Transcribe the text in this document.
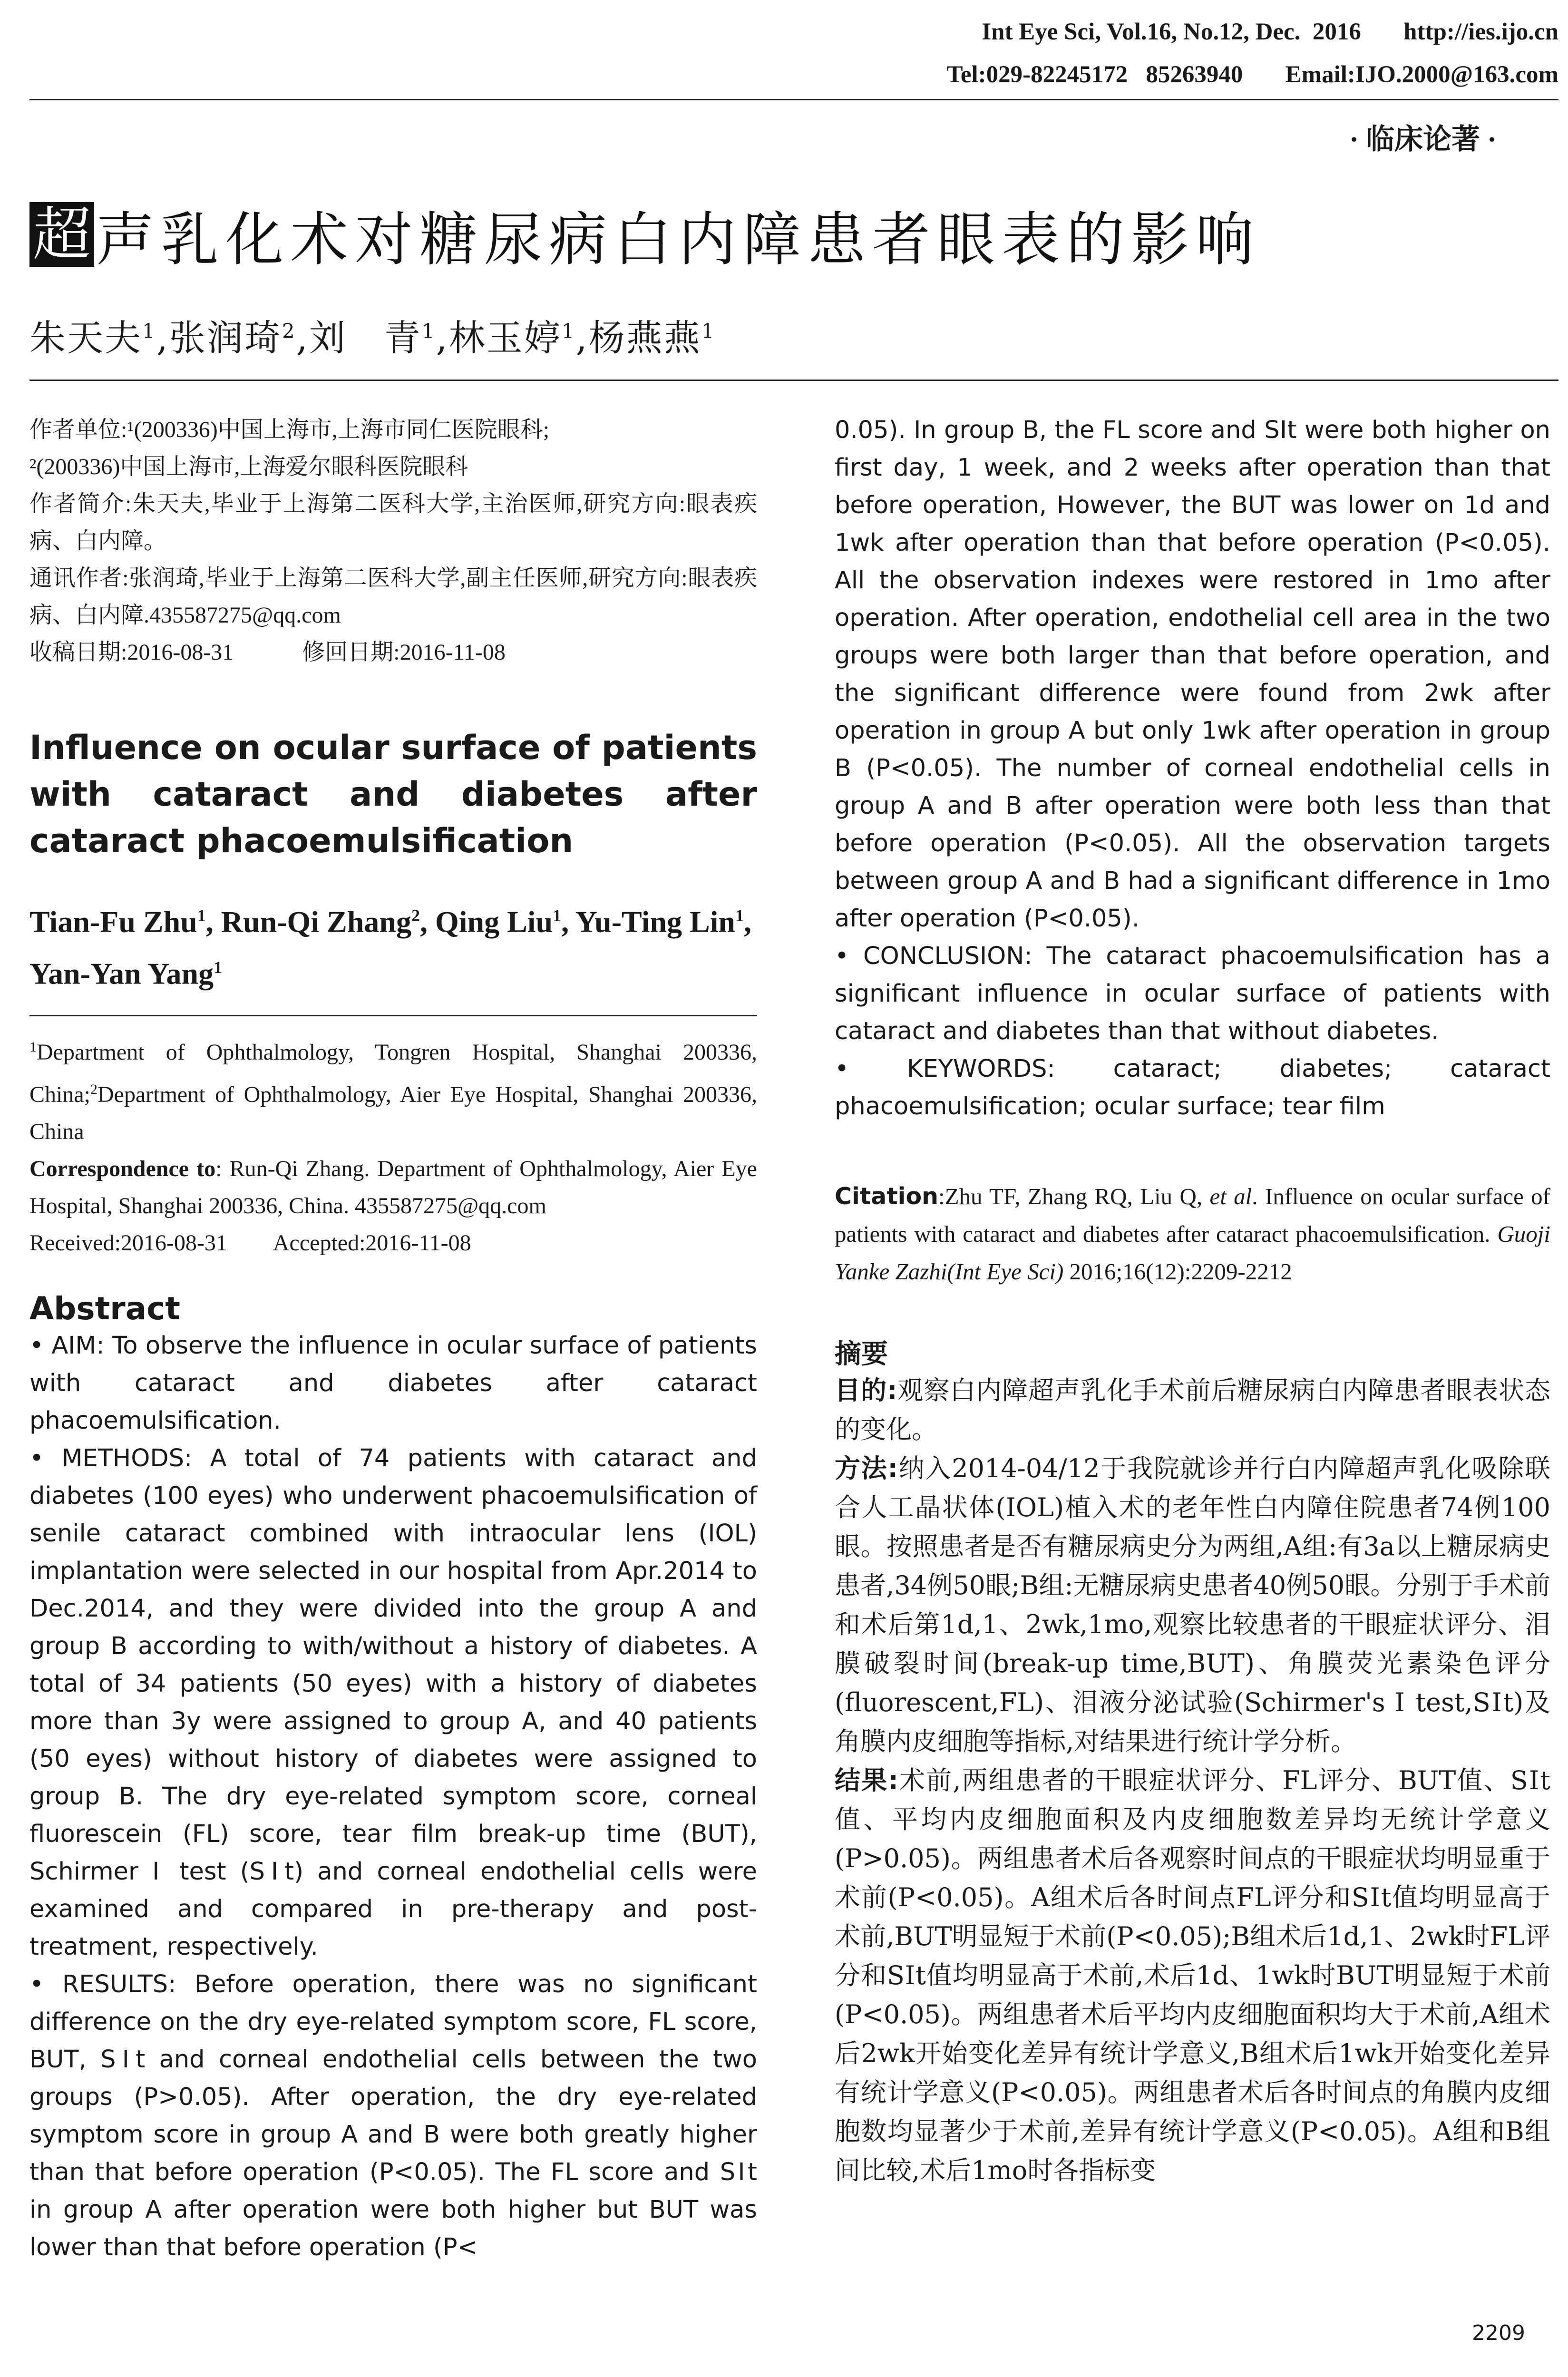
Int Eye Sci, Vol.16, No.12, Dec.  2016       http://ies.ijo.cn
Tel:029-82245172   85263940       Email:IJO.2000@163.com
· 临床论著 ·
超 声乳化术对糖尿病白内障患者眼表的影响
朱天夫$^1$,张润琦$^2$,刘　青$^1$,林玉婷$^1$,杨燕燕$^1$

作者单位:¹(200336)中国上海市,上海市同仁医院眼科;

²(200336)中国上海市,上海爱尔眼科医院眼科

作者简介:朱天夫,毕业于上海第二医科大学,主治医师,研究方向:眼表疾病、白内障。

通讯作者:张润琦,毕业于上海第二医科大学,副主任医师,研究方向:眼表疾病、白内障.435587275@qq.com

收稿日期:2016-08-31　　　修回日期:2016-11-08

Influence on ocular surface of patients with cataract and diabetes after cataract phacoemulsification

Tian-Fu Zhu$^1$, Run-Qi Zhang$^2$, Qing Liu$^1$, Yu-Ting Lin$^1$, Yan-Yan Yang$^1$

$^1$Department of Ophthalmology, Tongren Hospital, Shanghai 200336, China;$^2$Department of Ophthalmology, Aier Eye Hospital, Shanghai 200336, China

Correspondence to: Run-Qi Zhang. Department of Ophthalmology, Aier Eye Hospital, Shanghai 200336, China. 435587275@qq.com

Received:2016-08-31　　Accepted:2016-11-08

Abstract

• AIM: To observe the influence in ocular surface of patients with cataract and diabetes after cataract phacoemulsification.

• METHODS: A total of 74 patients with cataract and diabetes (100 eyes) who underwent phacoemulsification of senile cataract combined with intraocular lens (IOL) implantation were selected in our hospital from Apr.2014 to Dec.2014, and they were divided into the group A and group B according to with/without a history of diabetes. A total of 34 patients (50 eyes) with a history of diabetes more than 3y were assigned to group A, and 40 patients (50 eyes) without history of diabetes were assigned to group B. The dry eye-related symptom score, corneal fluorescein (FL) score, tear film break-up time (BUT), Schirmer Ⅰ test (SⅠt) and corneal endothelial cells were examined and compared in pre-therapy and post-treatment, respectively.

• RESULTS: Before operation, there was no significant difference on the dry eye-related symptom score, FL score, BUT, SⅠt and corneal endothelial cells between the two groups (P>0.05). After operation, the dry eye-related symptom score in group A and B were both greatly higher than that before operation (P<0.05). The FL score and SⅠt in group A after operation were both higher but BUT was lower than that before operation (P<

0.05). In group B, the FL score and SⅠt were both higher on first day, 1 week, and 2 weeks after operation than that before operation, However, the BUT was lower on 1d and 1wk after operation than that before operation (P<0.05). All the observation indexes were restored in 1mo after operation. After operation, endothelial cell area in the two groups were both larger than that before operation, and the significant difference were found from 2wk after operation in group A but only 1wk after operation in group B (P<0.05). The number of corneal endothelial cells in group A and B after operation were both less than that before operation (P<0.05). All the observation targets between group A and B had a significant difference in 1mo after operation (P<0.05).

• CONCLUSION: The cataract phacoemulsification has a significant influence in ocular surface of patients with cataract and diabetes than that without diabetes.

• KEYWORDS: cataract; diabetes; cataract phacoemulsification; ocular surface; tear film

Citation:Zhu TF, Zhang RQ, Liu Q, et al. Influence on ocular surface of patients with cataract and diabetes after cataract phacoemulsification. Guoji Yanke Zazhi(Int Eye Sci) 2016;16(12):2209-2212

摘要

目的:观察白内障超声乳化手术前后糖尿病白内障患者眼表状态的变化。

方法:纳入2014-04/12于我院就诊并行白内障超声乳化吸除联合人工晶状体(IOL)植入术的老年性白内障住院患者74例100眼。按照患者是否有糖尿病史分为两组,A组:有3a以上糖尿病史患者,34例50眼;B组:无糖尿病史患者40例50眼。分别于手术前和术后第1d,1、2wk,1mo,观察比较患者的干眼症状评分、泪膜破裂时间(break-up time,BUT)、角膜荧光素染色评分(fluorescent,FL)、泪液分泌试验(Schirmer's Ⅰ test,SⅠt)及角膜内皮细胞等指标,对结果进行统计学分析。

结果:术前,两组患者的干眼症状评分、FL评分、BUT值、SⅠt值、平均内皮细胞面积及内皮细胞数差异均无统计学意义(P>0.05)。两组患者术后各观察时间点的干眼症状均明显重于术前(P<0.05)。A组术后各时间点FL评分和SⅠt值均明显高于术前,BUT明显短于术前(P<0.05);B组术后1d,1、2wk时FL评分和SⅠt值均明显高于术前,术后1d、1wk时BUT明显短于术前(P<0.05)。两组患者术后平均内皮细胞面积均大于术前,A组术后2wk开始变化差异有统计学意义,B组术后1wk开始变化差异有统计学意义(P<0.05)。两组患者术后各时间点的角膜内皮细胞数均显著少于术前,差异有统计学意义(P<0.05)。A组和B组间比较,术后1mo时各指标变

2209
